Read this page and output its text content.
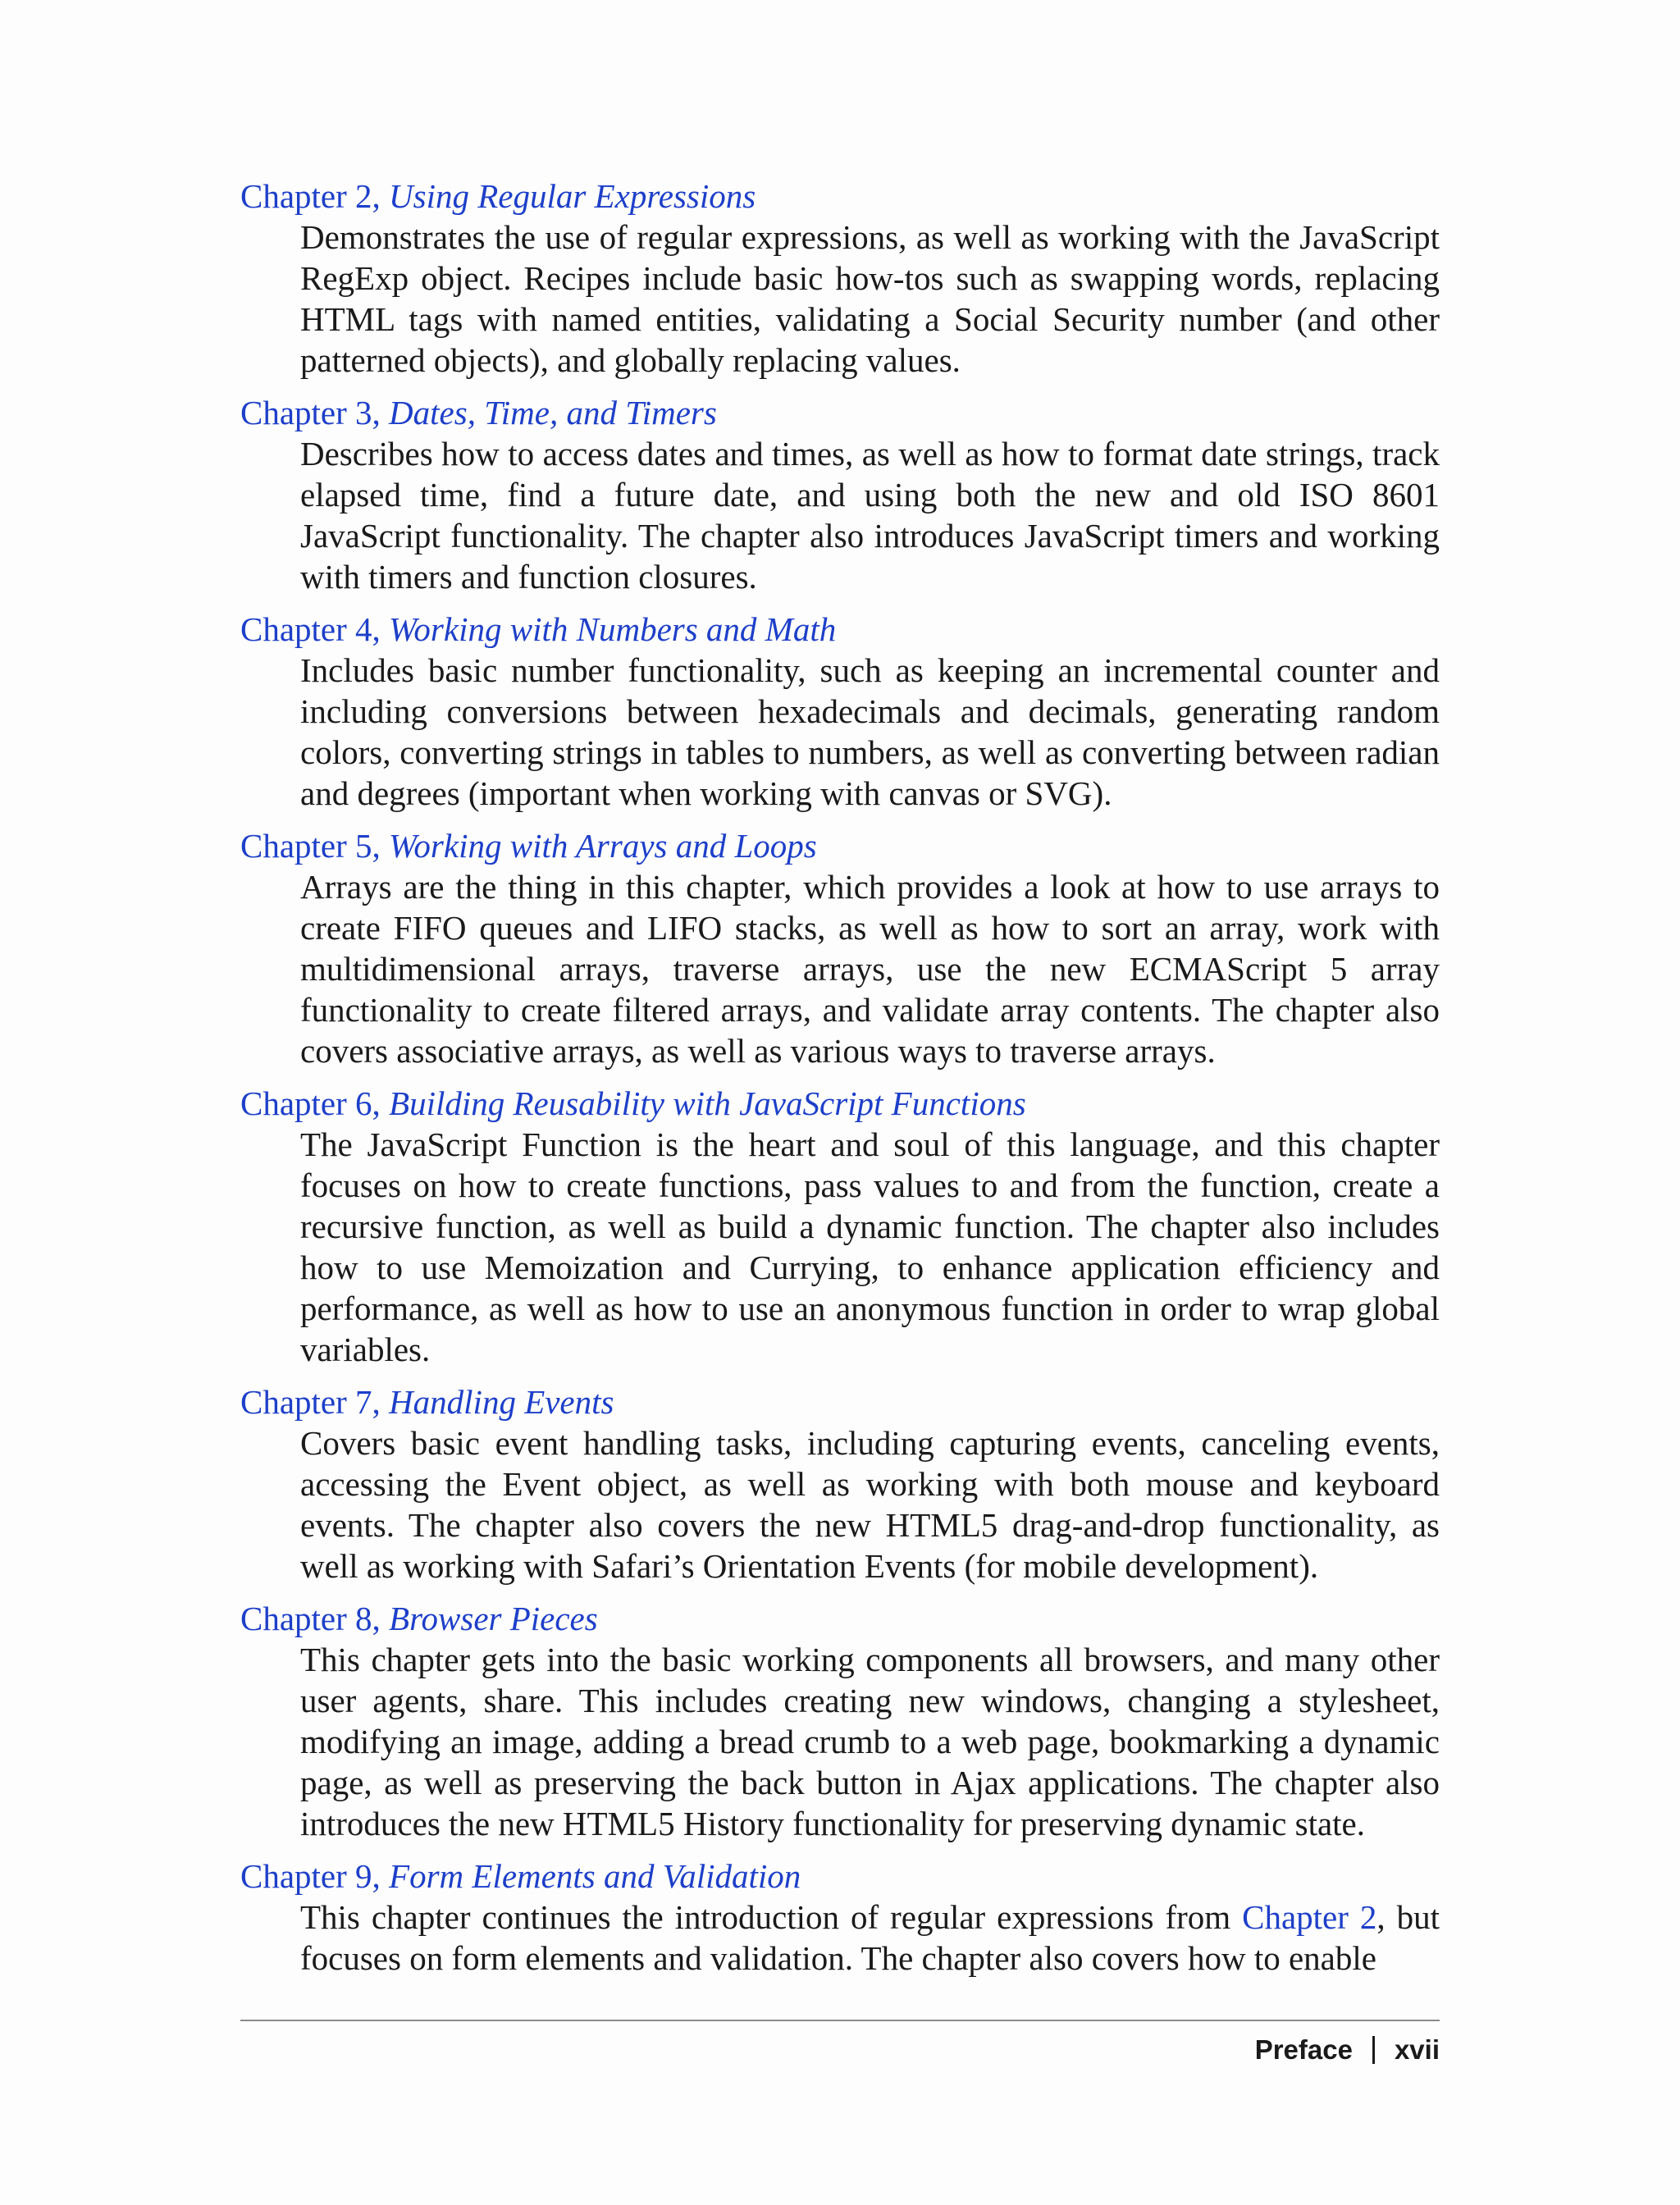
Chapter 2, Using Regular Expressions
Demonstrates the use of regular expressions, as well as working with the JavaScript RegExp object. Recipes include basic how-tos such as swapping words, replacing HTML tags with named entities, validating a Social Security number (and other patterned objects), and globally replacing values.
Chapter 3, Dates, Time, and Timers
Describes how to access dates and times, as well as how to format date strings, track elapsed time, find a future date, and using both the new and old ISO 8601 JavaScript functionality. The chapter also introduces JavaScript timers and working with timers and function closures.
Chapter 4, Working with Numbers and Math
Includes basic number functionality, such as keeping an incremental counter and including conversions between hexadecimals and decimals, generating random colors, converting strings in tables to numbers, as well as converting between radian and degrees (important when working with canvas or SVG).
Chapter 5, Working with Arrays and Loops
Arrays are the thing in this chapter, which provides a look at how to use arrays to create FIFO queues and LIFO stacks, as well as how to sort an array, work with multidimensional arrays, traverse arrays, use the new ECMAScript 5 array functionality to create filtered arrays, and validate array contents. The chapter also covers associative arrays, as well as various ways to traverse arrays.
Chapter 6, Building Reusability with JavaScript Functions
The JavaScript Function is the heart and soul of this language, and this chapter focuses on how to create functions, pass values to and from the function, create a recursive function, as well as build a dynamic function. The chapter also includes how to use Memoization and Currying, to enhance application efficiency and performance, as well as how to use an anonymous function in order to wrap global variables.
Chapter 7, Handling Events
Covers basic event handling tasks, including capturing events, canceling events, accessing the Event object, as well as working with both mouse and keyboard events. The chapter also covers the new HTML5 drag-and-drop functionality, as well as working with Safari’s Orientation Events (for mobile development).
Chapter 8, Browser Pieces
This chapter gets into the basic working components all browsers, and many other user agents, share. This includes creating new windows, changing a stylesheet, modifying an image, adding a bread crumb to a web page, bookmarking a dynamic page, as well as preserving the back button in Ajax applications. The chapter also introduces the new HTML5 History functionality for preserving dynamic state.
Chapter 9, Form Elements and Validation
This chapter continues the introduction of regular expressions from Chapter 2, but focuses on form elements and validation. The chapter also covers how to enable
Preface xvii
